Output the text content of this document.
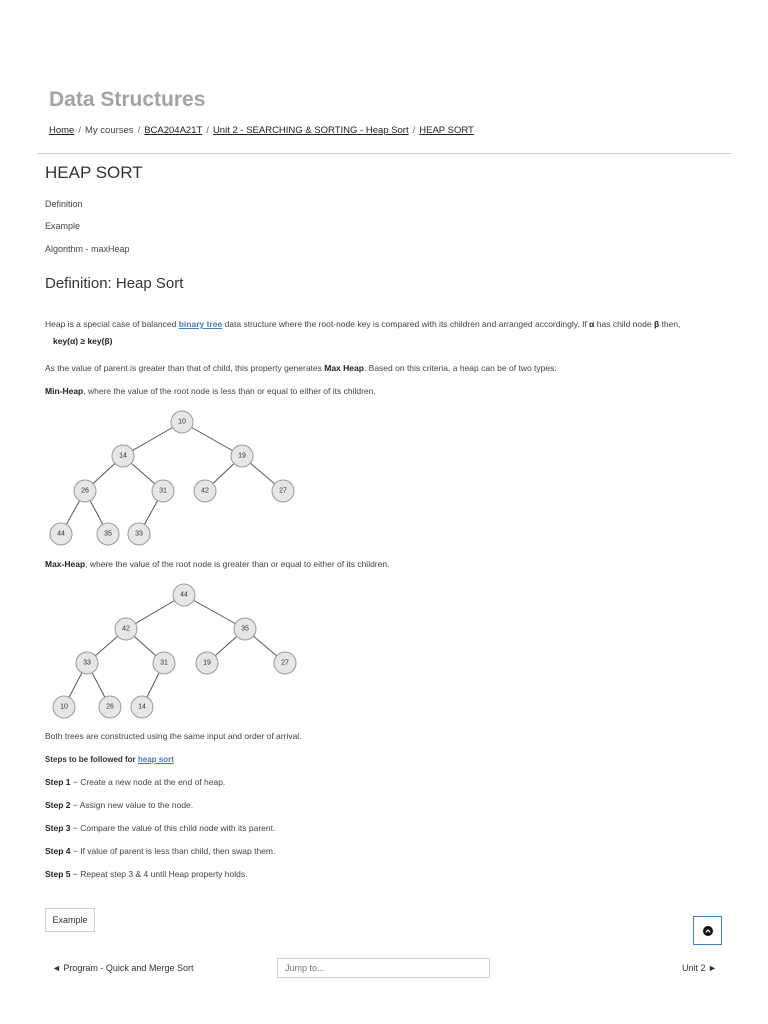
Data Structures
Home / My courses / BCA204A21T / Unit 2 - SEARCHING & SORTING - Heap Sort / HEAP SORT
HEAP SORT
Definition
Example
Algorithm - maxHeap
Definition: Heap Sort
Heap is a special case of balanced binary tree data structure where the root-node key is compared with its children and arranged accordingly. If α has child node β then,
key(α) ≥ key(β)
As the value of parent is greater than that of child, this property generates Max Heap. Based on this criteria, a heap can be of two types:
Min-Heap, where the value of the root node is less than or equal to either of its children.
10
14	19
26	31	42	27
44	35	33
Max-Heap, where the value of the root node is greater than or equal to either of its children.
44
42	35
33	31	19	27
10	26	14
Both trees are constructed using the same input and order of arrival.
Steps to be followed for heap sort
Step 1 − Create a new node at the end of heap.
Step 2 − Assign new value to the node.
Step 3 − Compare the value of this child node with its parent.
Step 4 − If value of parent is less than child, then swap them.
Step 5 − Repeat step 3 & 4 until Heap property holds.
Example
◄ Program - Quick and Merge Sort
Jump to...	Unit 2 ►
